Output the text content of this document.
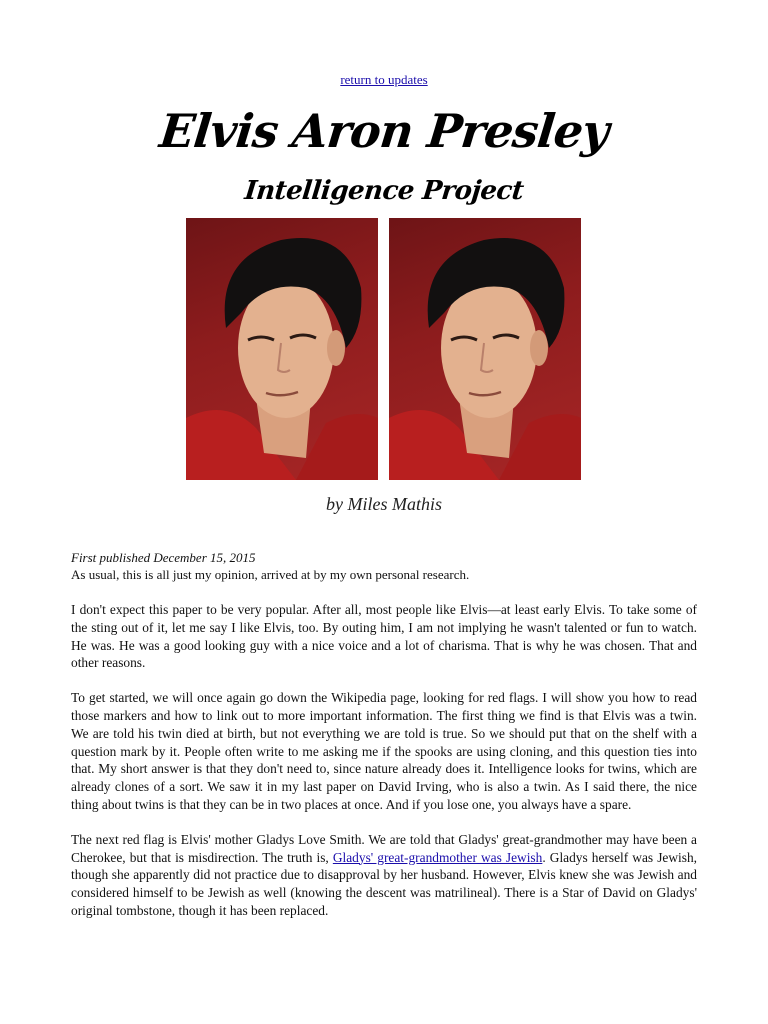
return to updates
Elvis Aron Presley
Intelligence Project
by Miles Mathis
First published December 15, 2015
As usual, this is all just my opinion, arrived at by my own personal research.

I don't expect this paper to be very popular. After all, most people like Elvis—at least early Elvis. To take some of the sting out of it, let me say I like Elvis, too. By outing him, I am not implying he wasn't talented or fun to watch. He was. He was a good looking guy with a nice voice and a lot of charisma. That is why he was chosen. That and other reasons.

To get started, we will once again go down the Wikipedia page, looking for red flags. I will show you how to read those markers and how to link out to more important information. The first thing we find is that Elvis was a twin. We are told his twin died at birth, but not everything we are told is true. So we should put that on the shelf with a question mark by it. People often write to me asking me if the spooks are using cloning, and this question ties into that. My short answer is that they don't need to, since nature already does it. Intelligence looks for twins, which are already clones of a sort. We saw it in my last paper on David Irving, who is also a twin. As I said there, the nice thing about twins is that they can be in two places at once. And if you lose one, you always have a spare.

The next red flag is Elvis' mother Gladys Love Smith. We are told that Gladys' great-grandmother may have been a Cherokee, but that is misdirection. The truth is, Gladys' great-grandmother was Jewish. Gladys herself was Jewish, though she apparently did not practice due to disapproval by her husband. However, Elvis knew she was Jewish and considered himself to be Jewish as well (knowing the descent was matrilineal). There is a Star of David on Gladys' original tombstone, though it has been replaced.
